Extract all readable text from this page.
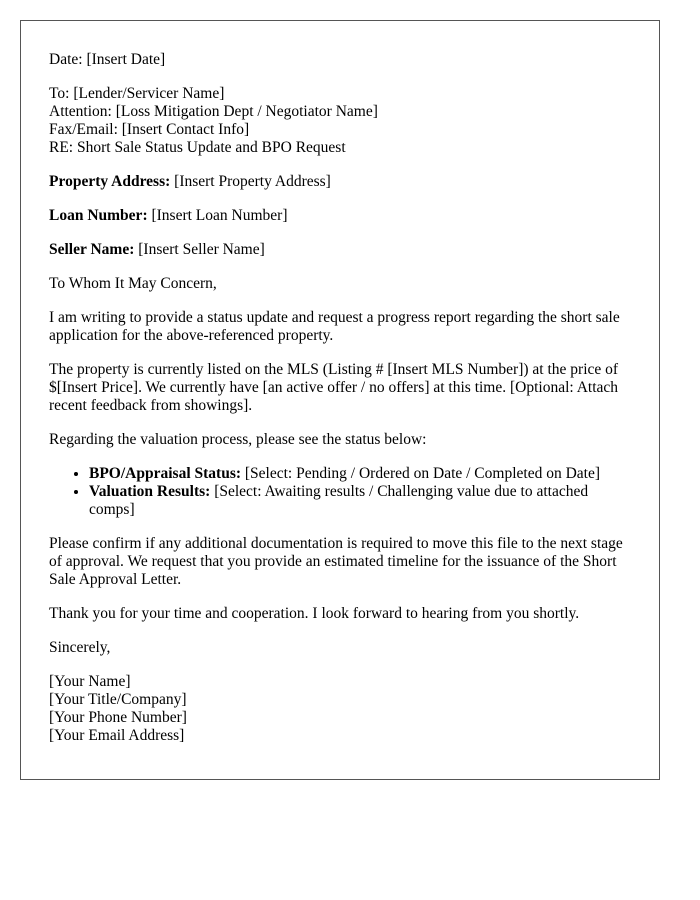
Date: [Insert Date]

To: [Lender/Servicer Name]
Attention: [Loss Mitigation Dept / Negotiator Name]
Fax/Email: [Insert Contact Info]
RE: Short Sale Status Update and BPO Request

Property Address: [Insert Property Address]

Loan Number: [Insert Loan Number]

Seller Name: [Insert Seller Name]

To Whom It May Concern,

I am writing to provide a status update and request a progress report regarding the short sale application for the above-referenced property.

The property is currently listed on the MLS (Listing # [Insert MLS Number]) at the price of $[Insert Price]. We currently have [an active offer / no offers] at this time. [Optional: Attach recent feedback from showings].

Regarding the valuation process, please see the status below:

• BPO/Appraisal Status: [Select: Pending / Ordered on Date / Completed on Date]
• Valuation Results: [Select: Awaiting results / Challenging value due to attached comps]

Please confirm if any additional documentation is required to move this file to the next stage of approval. We request that you provide an estimated timeline for the issuance of the Short Sale Approval Letter.

Thank you for your time and cooperation. I look forward to hearing from you shortly.

Sincerely,

[Your Name]
[Your Title/Company]
[Your Phone Number]
[Your Email Address]
